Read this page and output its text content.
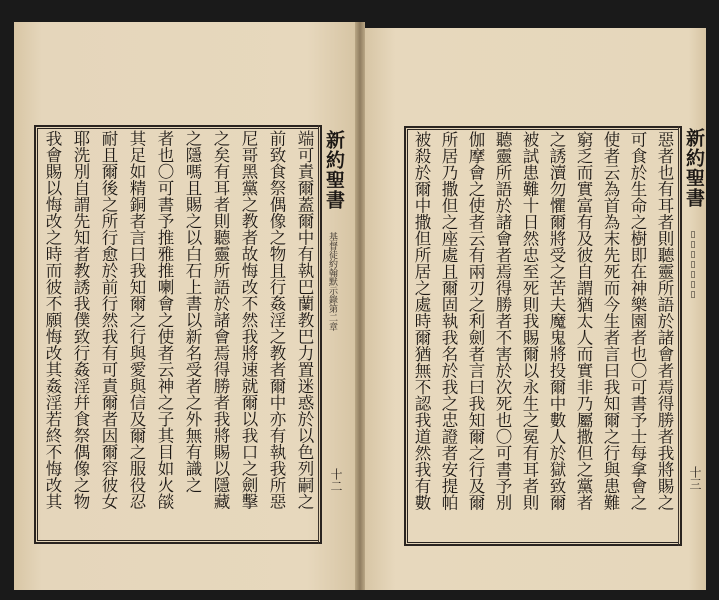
新約聖書
基督徒約翰默示錄第二章
十二
我會賜以悔改之時而彼不願悔改其姦淫若終不悔改其 耶洗別自謂先知者教誘我僕致行姦淫幷食祭偶像之物 耐且爾後之所行愈於前行然我有可責爾者因爾容彼女 其足如精銅者言曰我知爾之行與愛與信及爾之服役忍 者也〇可書予推雅推喇會之使者云神之子其目如火燄 之隱嗎且賜之以白石上書以新名受者之外無有識之 之矣有耳者則聽靈所語於諸會焉得勝者我將賜以隱藏 尼哥黑黨之教者故悔改不然我將速就爾以我口之劍擊 前致食祭偶像之物且行姦淫之教者爾中亦有執我所惡 端可責爾蓋爾中有執巴蘭教巴力置迷惑於以色列嗣之	新約聖書
▯▯▯▯▯▯▯
十三
惡者也有耳者則聽靈所語於諸會者焉得勝者我將賜之
可食於生命之樹即在神樂園者也〇可書予士每拿會之
使者云為首為末先死而今生者言曰我知爾之行與患難
窮乏而實富有及彼自謂猶太人而實非乃屬撒但之黨者
之誘瀆勿懼爾將受之苦夫魔鬼將投爾中數人於獄致爾
被試患難十日然忠至死則我賜爾以永生之冕有耳者則
聽靈所語於諸會者焉得勝者不害於次死也〇可書予別
伽摩會之使者云有兩刃之利劍者言曰我知爾之行及爾
所居乃撒但之座處且爾固執我名於我之忠證者安提帕
被殺於爾中撒但所居之處時爾猶無不認我道然我有數
